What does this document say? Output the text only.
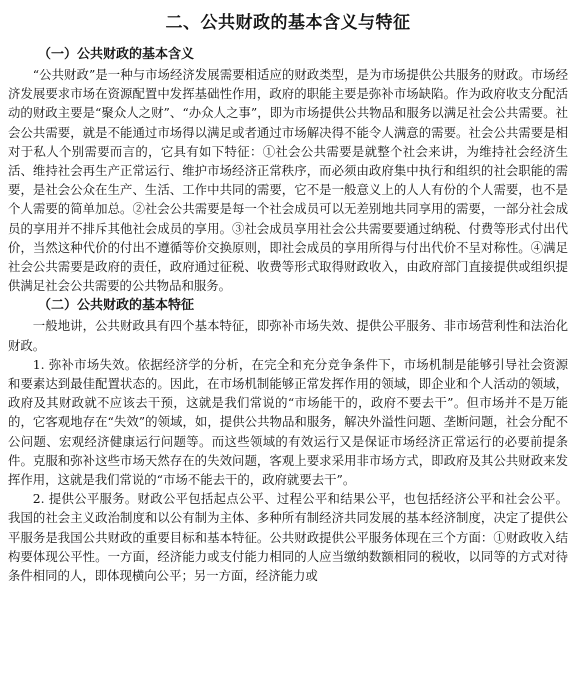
二、公共财政的基本含义与特征
（一）公共财政的基本含义

“公共财政”是一种与市场经济发展需要相适应的财政类型，是为市场提供公共服务的财政。市场经济发展要求市场在资源配置中发挥基础性作用，政府的职能主要是弥补市场缺陷。作为政府收支分配活动的财政主要是“聚众人之财”、“办众人之事”，即为市场提供公共物品和服务以满足社会公共需要。社会公共需要，就是不能通过市场得以满足或者通过市场解决得不能令人满意的需要。社会公共需要是相对于私人个别需要而言的，它具有如下特征：①社会公共需要是就整个社会来讲，为维持社会经济生活、维持社会再生产正常运行、维护市场经济正常秩序，而必须由政府集中执行和组织的社会职能的需要，是社会公众在生产、生活、工作中共同的需要，它不是一般意义上的人人有份的个人需要，也不是个人需要的简单加总。②社会公共需要是每一个社会成员可以无差别地共同享用的需要，一部分社会成员的享用并不排斥其他社会成员的享用。③社会成员享用社会公共需要要通过纳税、付费等形式付出代价，当然这种代价的付出不遵循等价交换原则，即社会成员的享用所得与付出代价不呈对称性。④满足社会公共需要是政府的责任，政府通过征税、收费等形式取得财政收入，由政府部门直接提供或组织提供满足社会公共需要的公共物品和服务。

（二）公共财政的基本特征

一般地讲，公共财政具有四个基本特征，即弥补市场失效、提供公平服务、非市场营利性和法治化财政。

1. 弥补市场失效。依据经济学的分析，在完全和充分竞争条件下，市场机制是能够引导社会资源和要素达到最佳配置状态的。因此，在市场机制能够正常发挥作用的领域，即企业和个人活动的领域，政府及其财政就不应该去干预，这就是我们常说的“市场能干的，政府不要去干”。但市场并不是万能的，它客观地存在“失效”的领域，如，提供公共物品和服务，解决外溢性问题、垄断问题，社会分配不公问题、宏观经济健康运行问题等。而这些领域的有效运行又是保证市场经济正常运行的必要前提条件。克服和弥补这些市场天然存在的失效问题，客观上要求采用非市场方式，即政府及其公共财政来发挥作用，这就是我们常说的“市场不能去干的，政府就要去干”。

2. 提供公平服务。财政公平包括起点公平、过程公平和结果公平，也包括经济公平和社会公平。我国的社会主义政治制度和以公有制为主体、多种所有制经济共同发展的基本经济制度，决定了提供公平服务是我国公共财政的重要目标和基本特征。公共财政提供公平服务体现在三个方面：①财政收入结构要体现公平性。一方面，经济能力或支付能力相同的人应当缴纳数额相同的税收，以同等的方式对待条件相同的人，即体现横向公平；另一方面，经济能力或
